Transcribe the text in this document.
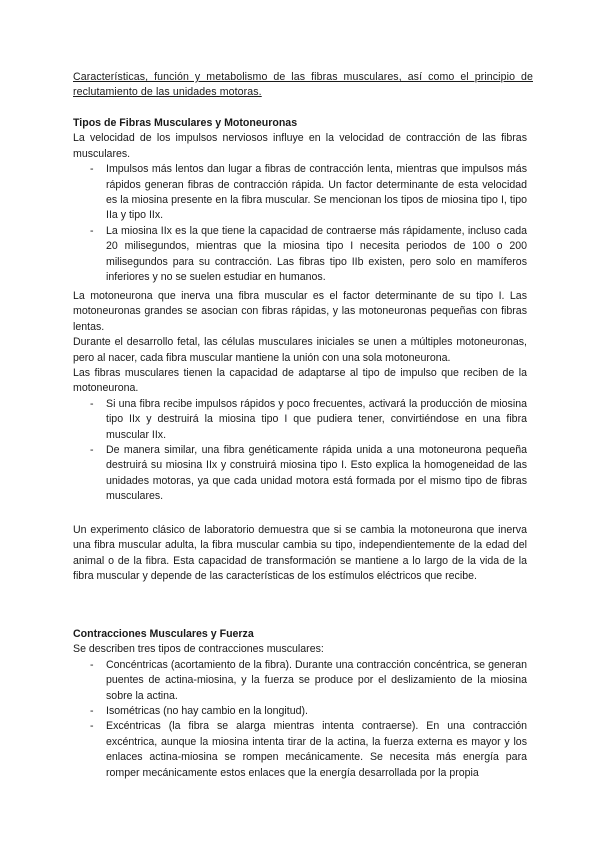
Características, función y metabolismo de las fibras musculares, así como el principio de reclutamiento de las unidades motoras.

Tipos de Fibras Musculares y Motoneuronas

La velocidad de los impulsos nerviosos influye en la velocidad de contracción de las fibras musculares.

- Impulsos más lentos dan lugar a fibras de contracción lenta, mientras que impulsos más rápidos generan fibras de contracción rápida. Un factor determinante de esta velocidad es la miosina presente en la fibra muscular. Se mencionan los tipos de miosina tipo I, tipo IIa y tipo IIx.
- La miosina IIx es la que tiene la capacidad de contraerse más rápidamente, incluso cada 20 milisegundos, mientras que la miosina tipo I necesita periodos de 100 o 200 milisegundos para su contracción. Las fibras tipo IIb existen, pero solo en mamíferos inferiores y no se suelen estudiar en humanos.

La motoneurona que inerva una fibra muscular es el factor determinante de su tipo I. Las motoneuronas grandes se asocian con fibras rápidas, y las motoneuronas pequeñas con fibras lentas.

Durante el desarrollo fetal, las células musculares iniciales se unen a múltiples motoneuronas, pero al nacer, cada fibra muscular mantiene la unión con una sola motoneurona.

Las fibras musculares tienen la capacidad de adaptarse al tipo de impulso que reciben de la motoneurona.

- Si una fibra recibe impulsos rápidos y poco frecuentes, activará la producción de miosina tipo IIx y destruirá la miosina tipo I que pudiera tener, convirtiéndose en una fibra muscular IIx.
- De manera similar, una fibra genéticamente rápida unida a una motoneurona pequeña destruirá su miosina IIx y construirá miosina tipo I. Esto explica la homogeneidad de las unidades motoras, ya que cada unidad motora está formada por el mismo tipo de fibras musculares.

Un experimento clásico de laboratorio demuestra que si se cambia la motoneurona que inerva una fibra muscular adulta, la fibra muscular cambia su tipo, independientemente de la edad del animal o de la fibra. Esta capacidad de transformación se mantiene a lo largo de la vida de la fibra muscular y depende de las características de los estímulos eléctricos que recibe.

Contracciones Musculares y Fuerza

Se describen tres tipos de contracciones musculares:

- Concéntricas (acortamiento de la fibra). Durante una contracción concéntrica, se generan puentes de actina-miosina, y la fuerza se produce por el deslizamiento de la miosina sobre la actina.
- Isométricas (no hay cambio en la longitud).
- Excéntricas (la fibra se alarga mientras intenta contraerse). En una contracción excéntrica, aunque la miosina intenta tirar de la actina, la fuerza externa es mayor y los enlaces actina-miosina se rompen mecánicamente. Se necesita más energía para romper mecánicamente estos enlaces que la energía desarrollada por la propia
